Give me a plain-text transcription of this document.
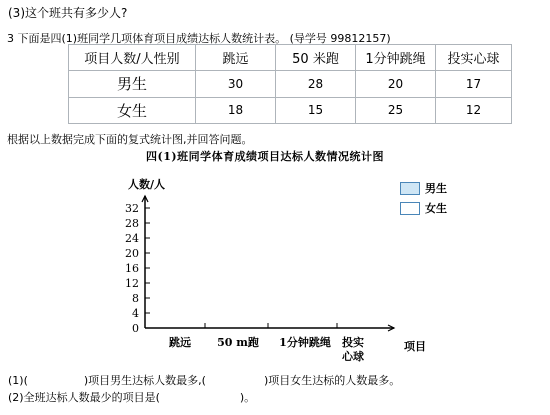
(3)这个班共有多少人?
3 下面是四(1)班同学几项体育项目成绩达标人数统计表。 (导学号 99812157)
项目人数/人性别	跳远	50 米跑	1分钟跳绳	投实心球
男生	30	28	20	17
女生	18	15	25	12
根据以上数据完成下面的复式统计图,并回答问题。
四(1)班同学体育成绩项目达标人数情况统计图
人数/人	男生
女生
0
4
8
12
16
20
24
28
32
跳远 50 m跑 1分钟跳绳 投实
心球
项目
(1)(	)项目男生达标人数最多,(	)项目女生达标的人数最多。
(2)全班达标人数最少的项目是(	)。
